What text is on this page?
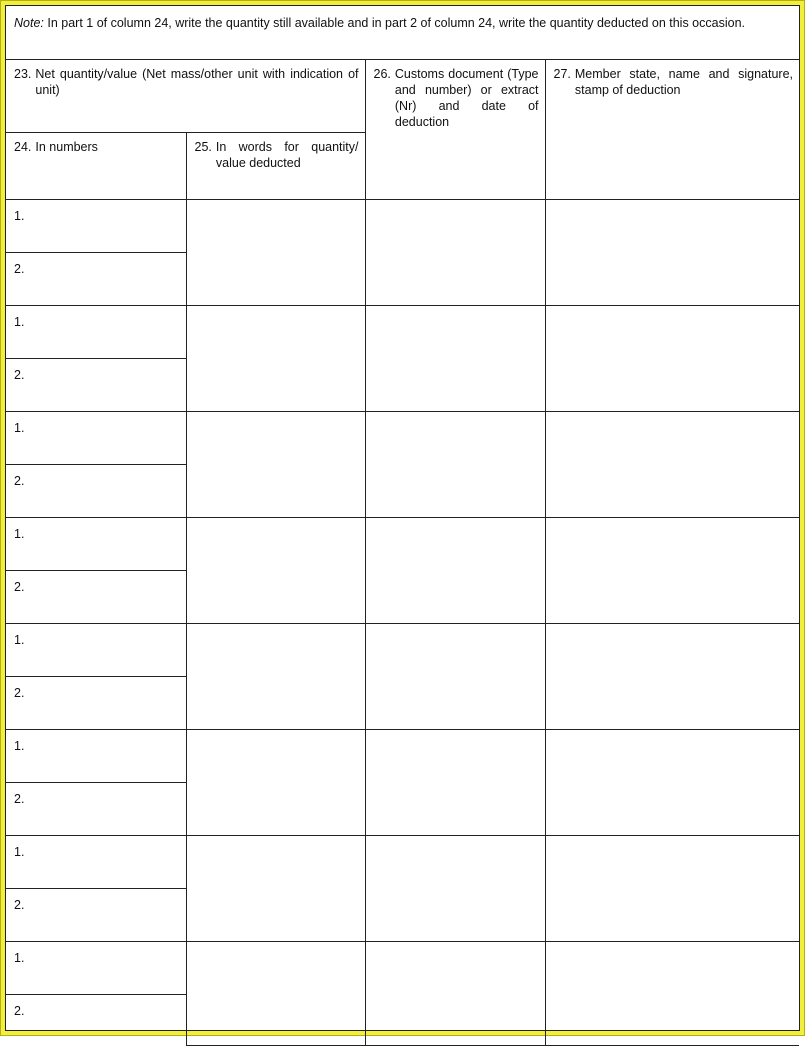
Note: In part 1 of column 24, write the quantity still available and in part 2 of column 24, write the quantity deducted on this occasion.
23. Net quantity/value (Net mass/other unit with indication of unit)		26. Customs document (Type and number) or extract (Nr) and date of deduction	27. Member state, name and signature, stamp of deduction

24. In numbers	25. In words for quantity/ value deducted		

1.			
2.			
1.			
2.			
1.			
2.			
1.			
2.			
1.			
2.			
1.			
2.			
1.			
2.			
1.			
2.			
